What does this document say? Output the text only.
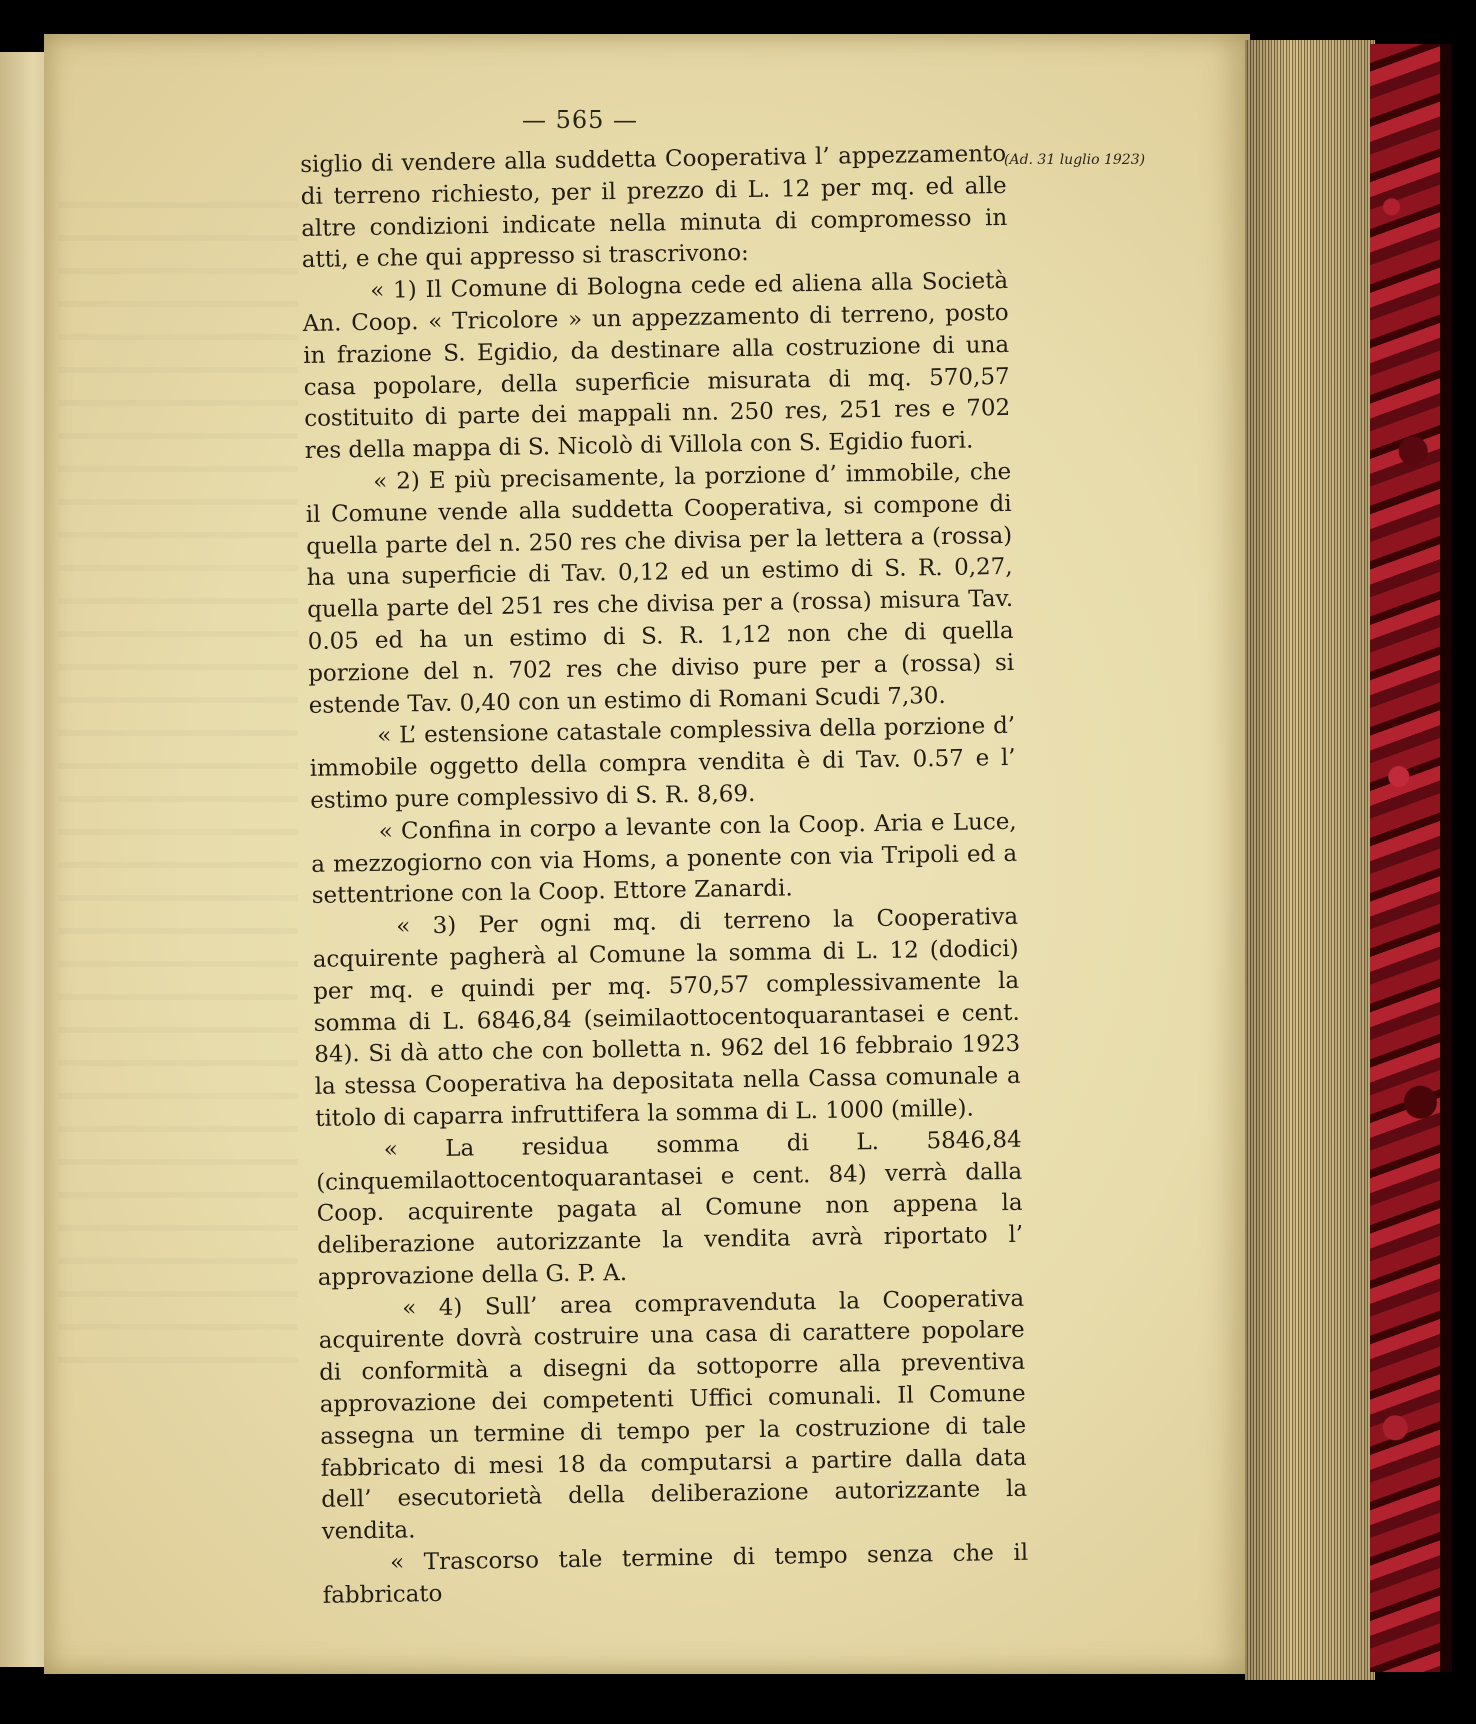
— 565 —
(Ad. 31 luglio 1923)

siglio di vendere alla suddetta Cooperativa l’ appezzamento di terreno richiesto, per il prezzo di L. 12 per mq. ed alle altre condizioni indicate nella minuta di compromesso in atti, e che qui appresso si trascrivono:

« 1) Il Comune di Bologna cede ed aliena alla Società An. Coop. « Tricolore » un appezzamento di terreno, posto in frazione S. Egidio, da destinare alla costruzione di una casa popolare, della superficie misurata di mq. 570,57 costituito di parte dei mappali nn. 250 res, 251 res e 702 res della mappa di S. Nicolò di Villola con S. Egidio fuori.

« 2) E più precisamente, la porzione d’ immobile, che il Comune vende alla suddetta Cooperativa, si compone di quella parte del n. 250 res che divisa per la lettera a (rossa) ha una superficie di Tav. 0,12 ed un estimo di S. R. 0,27, quella parte del 251 res che divisa per a (rossa) misura Tav. 0.05 ed ha un estimo di S. R. 1,12 non che di quella porzione del n. 702 res che diviso pure per a (rossa) si estende Tav. 0,40 con un estimo di Romani Scudi 7,30.

« L’ estensione catastale complessiva della porzione d’ immobile oggetto della compra vendita è di Tav. 0.57 e l’ estimo pure complessivo di S. R. 8,69.

« Confina in corpo a levante con la Coop. Aria e Luce, a mezzogiorno con via Homs, a ponente con via Tripoli ed a settentrione con la Coop. Ettore Zanardi.

« 3) Per ogni mq. di terreno la Cooperativa acquirente pagherà al Comune la somma di L. 12 (dodici) per mq. e quindi per mq. 570,57 complessivamente la somma di L. 6846,84 (seimilaottocentoquarantasei e cent. 84). Si dà atto che con bolletta n. 962 del 16 febbraio 1923 la stessa Cooperativa ha depositata nella Cassa comunale a titolo di caparra infruttifera la somma di L. 1000 (mille).

« La residua somma di L. 5846,84 (cinquemilaottocentoquarantasei e cent. 84) verrà dalla Coop. acquirente pagata al Comune non appena la deliberazione autorizzante la vendita avrà riportato l’ approvazione della G. P. A.

« 4) Sull’ area compravenduta la Cooperativa acquirente dovrà costruire una casa di carattere popolare di conformità a disegni da sottoporre alla preventiva approvazione dei competenti Uffici comunali. Il Comune assegna un termine di tempo per la costruzione di tale fabbricato di mesi 18 da computarsi a partire dalla data dell’ esecutorietà della deliberazione autorizzante la vendita.

« Trascorso tale termine di tempo senza che il fabbricato
